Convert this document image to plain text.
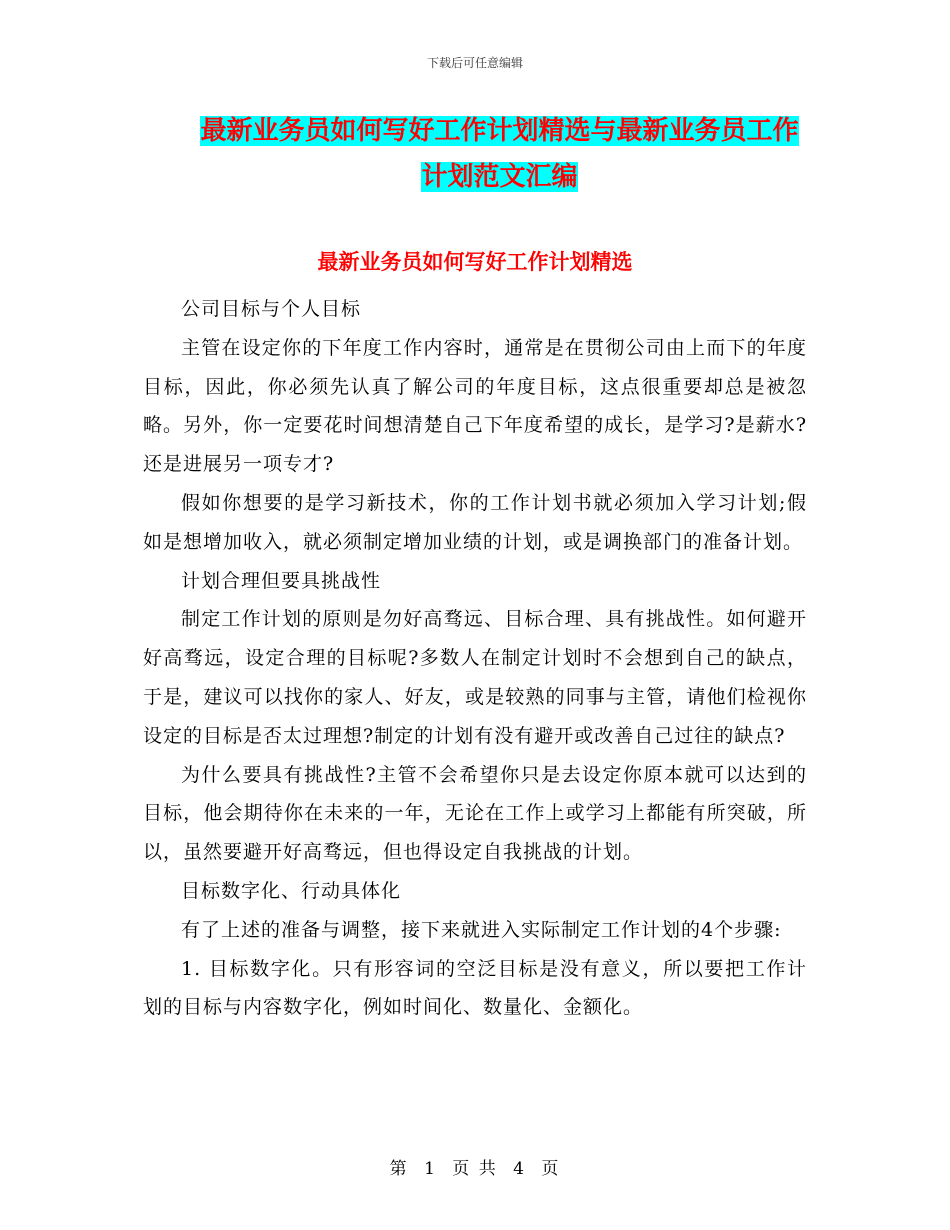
下载后可任意编辑
最新业务员如何写好工作计划精选与最新业务员工作
计划范文汇编
最新业务员如何写好工作计划精选

公司目标与个人目标

主管在设定你的下年度工作内容时，通常是在贯彻公司由上而下的年度目标，因此，你必须先认真了解公司的年度目标，这点很重要却总是被忽略。另外，你一定要花时间想清楚自己下年度希望的成长，是学习?是薪水?还是进展另一项专才?

假如你想要的是学习新技术，你的工作计划书就必须加入学习计划;假如是想增加收入，就必须制定增加业绩的计划，或是调换部门的准备计划。

计划合理但要具挑战性

制定工作计划的原则是勿好高骛远、目标合理、具有挑战性。如何避开好高骛远，设定合理的目标呢?多数人在制定计划时不会想到自己的缺点，于是，建议可以找你的家人、好友，或是较熟的同事与主管，请他们检视你设定的目标是否太过理想?制定的计划有没有避开或改善自己过往的缺点?

为什么要具有挑战性?主管不会希望你只是去设定你原本就可以达到的目标，他会期待你在未来的一年，无论在工作上或学习上都能有所突破，所以，虽然要避开好高骛远，但也得设定自我挑战的计划。

目标数字化、行动具体化

有了上述的准备与调整，接下来就进入实际制定工作计划的4个步骤:

1. 目标数字化。只有形容词的空泛目标是没有意义，所以要把工作计划的目标与内容数字化，例如时间化、数量化、金额化。

第 1 页 共 4 页
